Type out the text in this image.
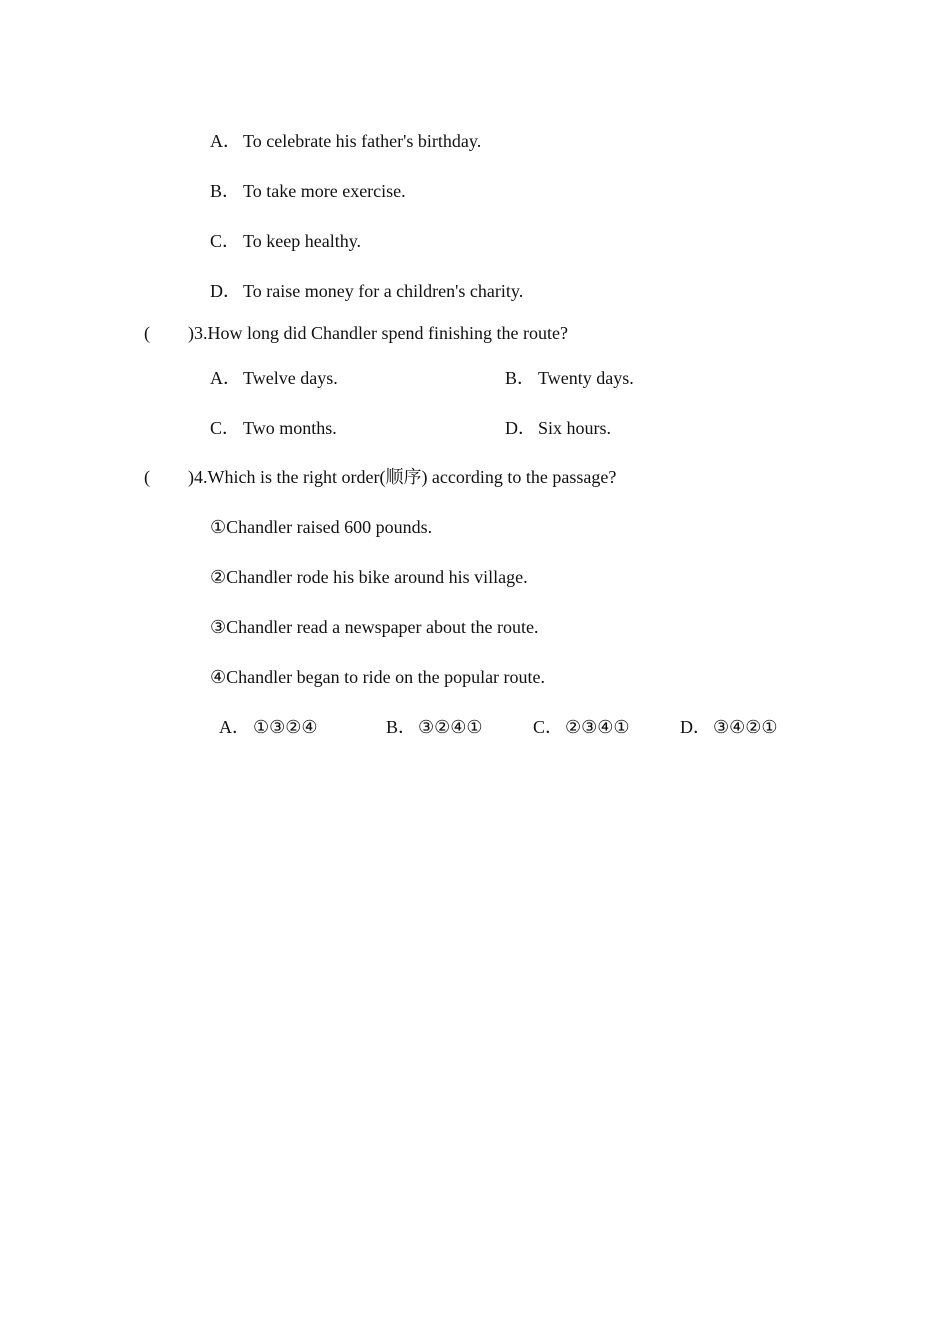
A． To celebrate his father's birthday.
B． To take more exercise.
C． To keep healthy.
D． To raise money for a children's charity.
( )3.How long did Chandler spend finishing the route?
A． Twelve days.	B． Twenty days.
C． Two months.	D． Six hours.
( )4.Which is the right order(顺序) according to the passage?
①Chandler raised 600 pounds.
②Chandler rode his bike around his village.
③Chandler read a newspaper about the route.
④Chandler began to ride on the popular route.
A． ①③②④	B． ③②④①	C． ②③④①	D． ③④②①
